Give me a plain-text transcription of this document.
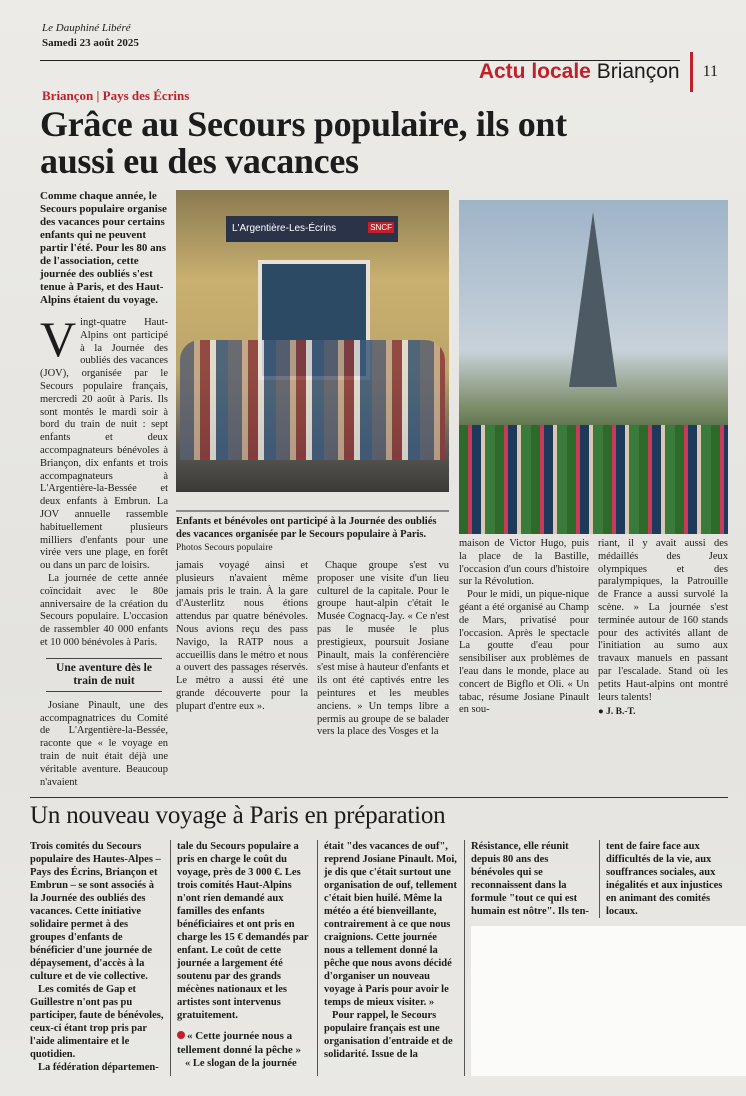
Le Dauphiné Libéré
Samedi 23 août 2025
Actu locale Briançon 11
Briançon | Pays des Écrins
Grâce au Secours populaire, ils ont aussi eu des vacances
Comme chaque année, le Secours populaire organise des vacances pour certains enfants qui ne peuvent partir l'été. Pour les 80 ans de l'association, cette journée des oubliés s'est tenue à Paris, et des Haut-Alpins étaient du voyage.

Vingt-quatre Haut-Alpins ont participé à la Journée des oubliés des vacances (JOV), organisée par le Secours populaire français, mercredi 20 août à Paris. Ils sont montés le mardi soir à bord du train de nuit : sept enfants et deux accompagnateurs bénévoles à Briançon, dix enfants et trois accompagnateurs à L'Argentière-la-Bessée et deux enfants à Embrun. La JOV annuelle rassemble habituellement plusieurs milliers d'enfants pour une virée vers une plage, en forêt ou dans un parc de loisirs.

La journée de cette année coïncidait avec le 80e anniversaire de la création du Secours populaire. L'occasion de rassembler 40 000 enfants et 10 000 bénévoles à Paris.

Une aventure dès le train de nuit

Josiane Pinault, une des accompagnatrices du Comité de L'Argentière-la-Bessée, raconte que « le voyage en train de nuit était déjà une véritable aventure. Beaucoup n'avaient

L'Argentière-Les-Écrins	SNCF
Enfants et bénévoles ont participé à la Journée des oubliés des vacances organisée par le Secours populaire à Paris. Photos Secours populaire

jamais voyagé ainsi et plusieurs n'avaient même jamais pris le train. À la gare d'Austerlitz nous étions attendus par quatre bénévoles. Nous avions reçu des pass Navigo, la RATP nous a accueillis dans le métro et nous a ouvert des passages réservés. Le métro a aussi été une grande découverte pour la plupart d'entre eux ».

Chaque groupe s'est vu proposer une visite d'un lieu culturel de la capitale. Pour le groupe haut-alpin c'était le Musée Cognacq-Jay. « Ce n'est pas le musée le plus prestigieux, poursuit Josiane Pinault, mais la conférencière s'est mise à hauteur d'enfants et ils ont été captivés entre les peintures et les meubles anciens. » Un temps libre a permis au groupe de se balader vers la place des Vosges et la

maison de Victor Hugo, puis la place de la Bastille, l'occasion d'un cours d'histoire sur la Révolution.

Pour le midi, un pique-nique géant a été organisé au Champ de Mars, privatisé pour l'occasion. Après le spectacle La goutte d'eau pour sensibiliser aux problèmes de l'eau dans le monde, place au concert de Bigflo et Oli. « Un tabac, résume Josiane Pinault en sou-

riant, il y avait aussi des médaillés des Jeux olympiques et des paralympiques, la Patrouille de France a aussi survolé la scène. » La journée s'est terminée autour de 160 stands pour des activités allant de l'initiation au sumo aux travaux manuels en passant par l'escalade. Stand où les petits Haut-alpins ont montré leurs talents!

● J. B.-T.
Un nouveau voyage à Paris en préparation

Trois comités du Secours populaire des Hautes-Alpes – Pays des Écrins, Briançon et Embrun – se sont associés à la Journée des oubliés des vacances. Cette initiative solidaire permet à des groupes d'enfants de bénéficier d'une journée de dépaysement, d'accès à la culture et de vie collective.

Les comités de Gap et Guillestre n'ont pas pu participer, faute de bénévoles, ceux-ci étant trop pris par l'aide alimentaire et le quotidien.

La fédération départemen-

tale du Secours populaire a pris en charge le coût du voyage, près de 3 000 €. Les trois comités Haut-Alpins n'ont rien demandé aux familles des enfants bénéficiaires et ont pris en charge les 15 € demandés par enfant. Le coût de cette journée a largement été soutenu par des grands mécènes nationaux et les artistes sont intervenus gratuitement.

« Cette journée nous a tellement donné la pêche »

« Le slogan de la journée

était "des vacances de ouf", reprend Josiane Pinault. Moi, je dis que c'était surtout une organisation de ouf, tellement c'était bien huilé. Même la météo a été bienveillante, contrairement à ce que nous craignions. Cette journée nous a tellement donné la pêche que nous avons décidé d'organiser un nouveau voyage à Paris pour avoir le temps de mieux visiter. »

Pour rappel, le Secours populaire français est une organisation d'entraide et de solidarité. Issue de la

Résistance, elle réunit depuis 80 ans des bénévoles qui se reconnaissent dans la formule "tout ce qui est humain est nôtre". Ils ten-

tent de faire face aux difficultés de la vie, aux souffrances sociales, aux inégalités et aux injustices en animant des comités locaux.
